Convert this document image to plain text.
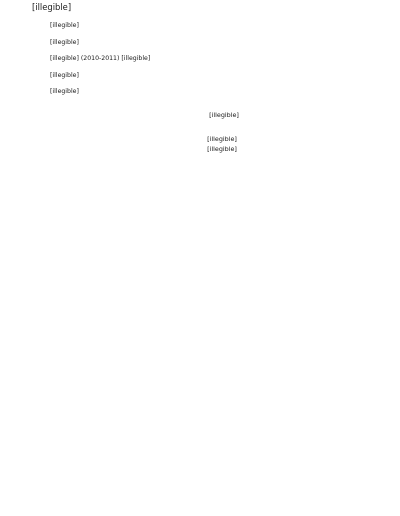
[illegible]

[illegible]

[illegible]

[illegible] (2010-2011) [illegible]

[illegible]

[illegible]

[illegible]
[illegible]
[illegible]
